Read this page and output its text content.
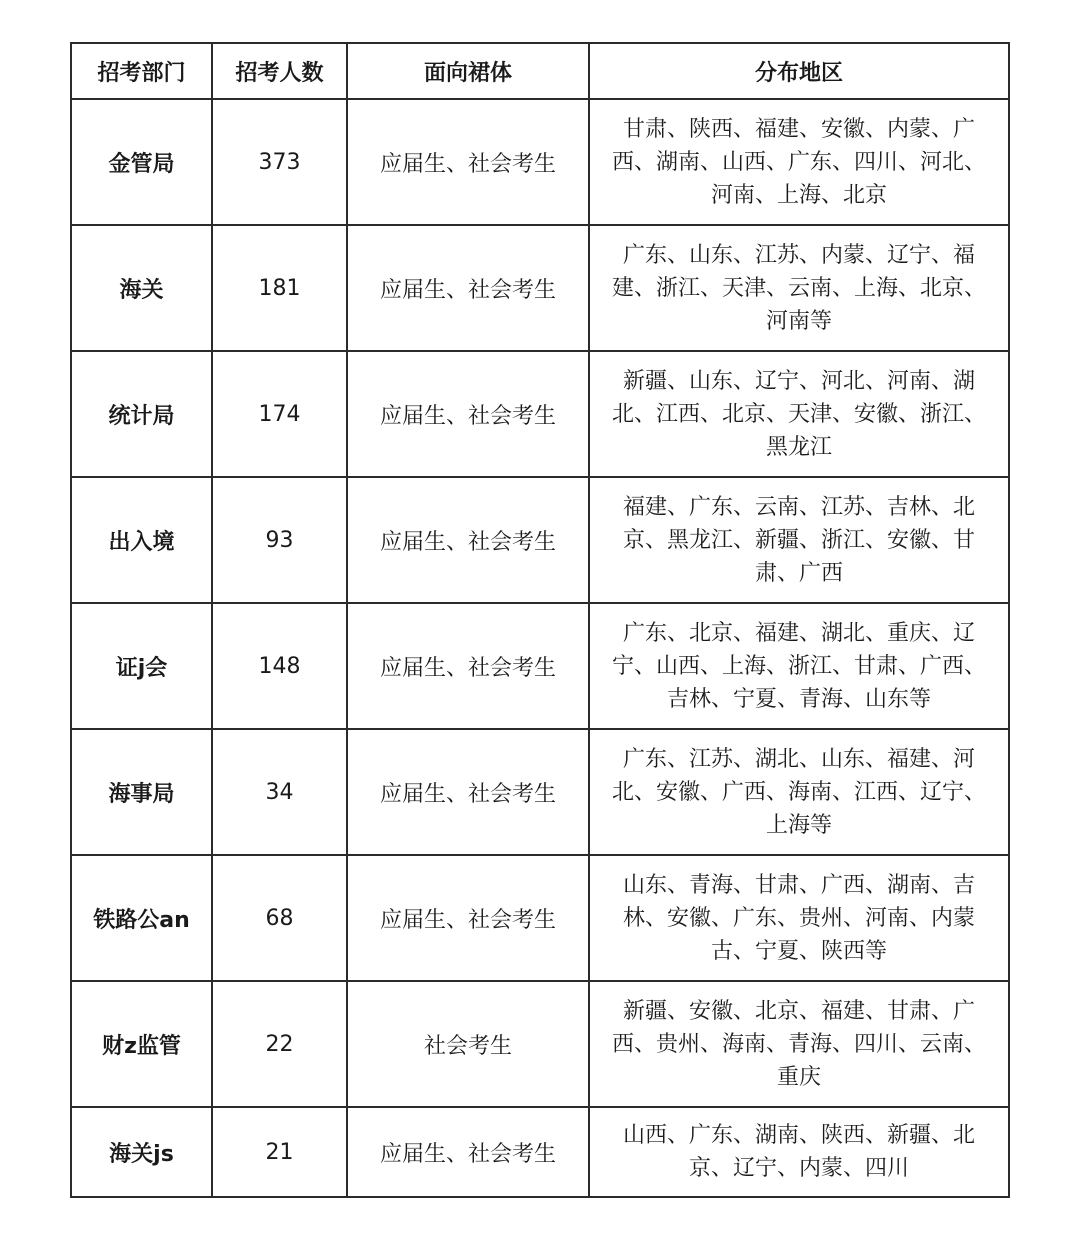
招考部门	招考人数	面向裙体	分布地区
金管局	373	应届生、社会考生	甘肃、陕西、福建、安徽、内蒙、广西、湖南、山西、广东、四川、河北、河南、上海、北京
海关	181	应届生、社会考生	广东、山东、江苏、内蒙、辽宁、福建、浙江、天津、云南、上海、北京、河南等
统计局	174	应届生、社会考生	新疆、山东、辽宁、河北、河南、湖北、江西、北京、天津、安徽、浙江、黑龙江
出入境	93	应届生、社会考生	福建、广东、云南、江苏、吉林、北京、黑龙江、新疆、浙江、安徽、甘肃、广西
证j会	148	应届生、社会考生	广东、北京、福建、湖北、重庆、辽宁、山西、上海、浙江、甘肃、广西、吉林、宁夏、青海、山东等
海事局	34	应届生、社会考生	广东、江苏、湖北、山东、福建、河北、安徽、广西、海南、江西、辽宁、上海等
铁路公an	68	应届生、社会考生	山东、青海、甘肃、广西、湖南、吉林、安徽、广东、贵州、河南、内蒙古、宁夏、陕西等
财z监管	22	社会考生	新疆、安徽、北京、福建、甘肃、广西、贵州、海南、青海、四川、云南、重庆
海关js	21	应届生、社会考生	山西、广东、湖南、陕西、新疆、北京、辽宁、内蒙、四川
